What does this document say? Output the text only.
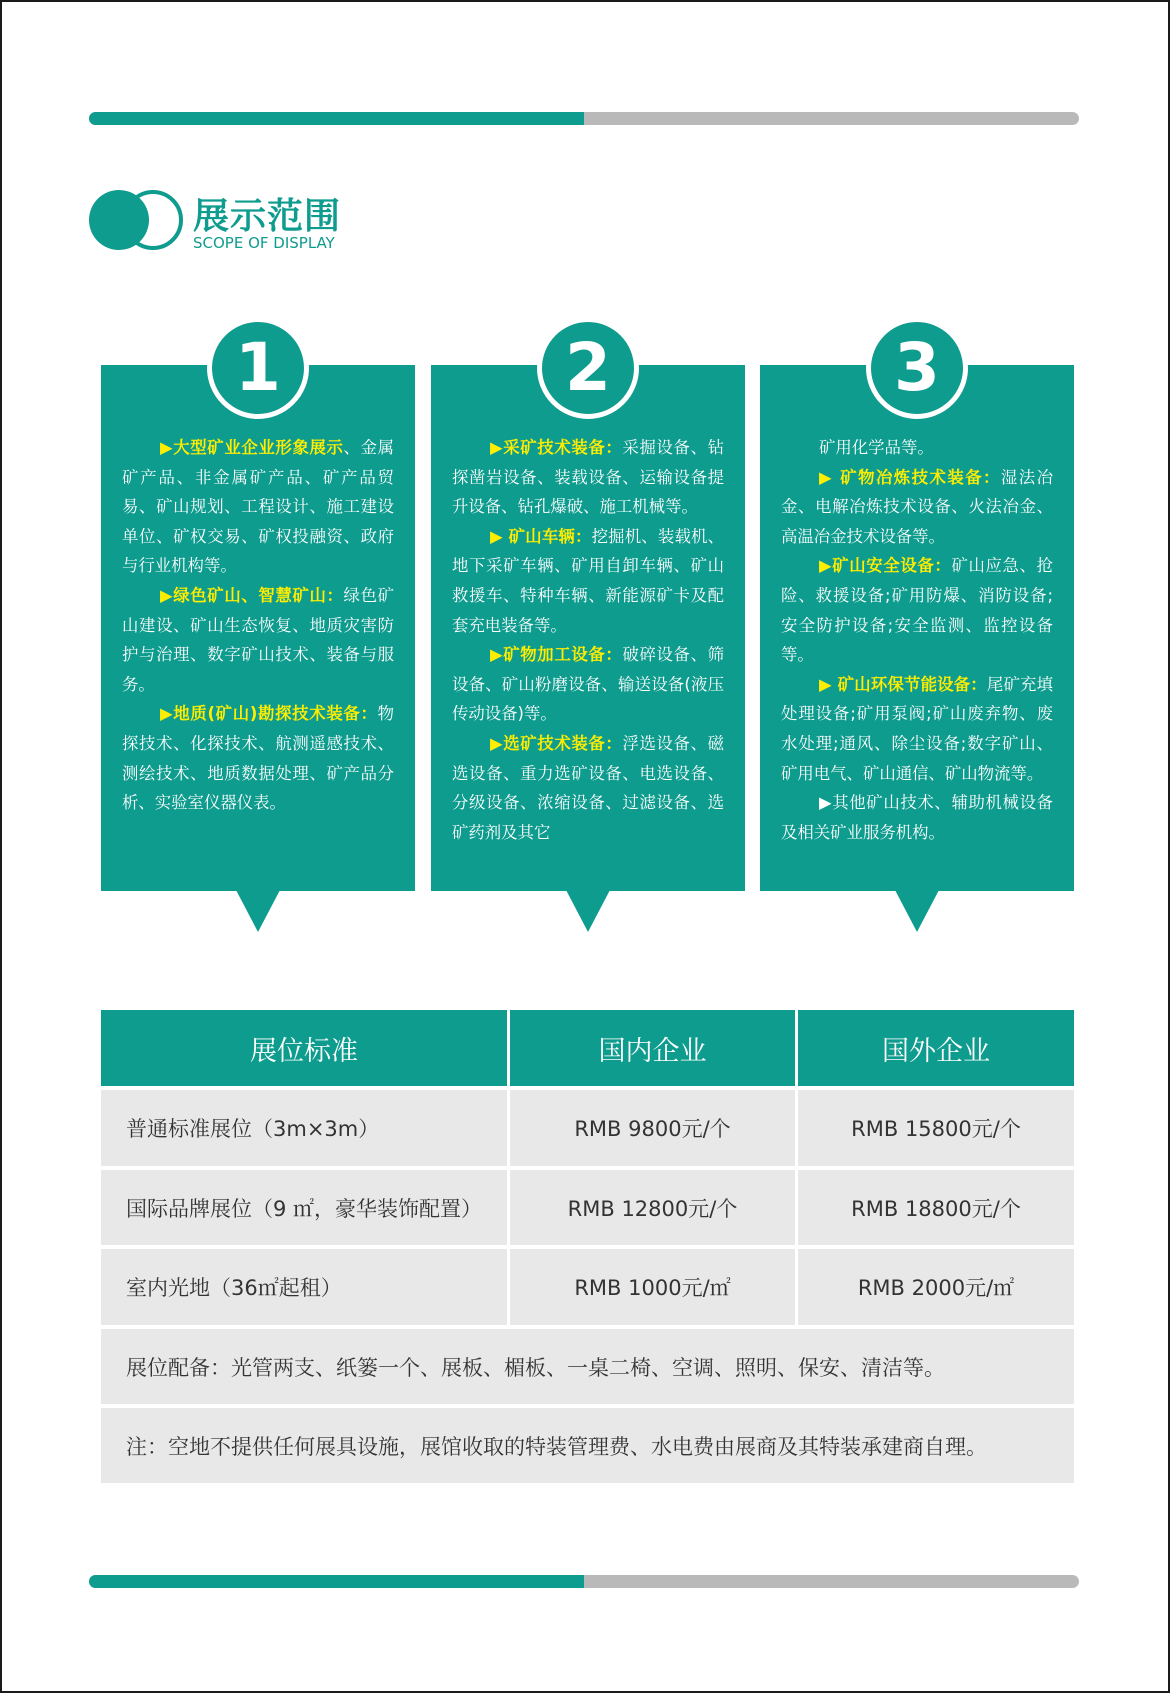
展示范围
SCOPE OF DISPLAY
1

▶大型矿业企业形象展示、金属矿产品、非金属矿产品、矿产品贸易、矿山规划、工程设计、施工建设单位、矿权交易、矿权投融资、政府与行业机构等。

▶绿色矿山、智慧矿山：绿色矿山建设、矿山生态恢复、地质灾害防护与治理、数字矿山技术、装备与服务。

▶地质(矿山)勘探技术装备：物探技术、化探技术、航测遥感技术、测绘技术、地质数据处理、矿产品分析、实验室仪器仪表。

2

▶采矿技术装备：采掘设备、钻探凿岩设备、装载设备、运输设备提升设备、钻孔爆破、施工机械等。

▶ 矿山车辆：挖掘机、装载机、地下采矿车辆、矿用自卸车辆、矿山救援车、特种车辆、新能源矿卡及配套充电装备等。

▶矿物加工设备：破碎设备、筛设备、矿山粉磨设备、输送设备(液压传动设备)等。

▶选矿技术装备：浮选设备、磁选设备、重力选矿设备、电选设备、分级设备、浓缩设备、过滤设备、选矿药剂及其它

3

矿用化学品等。

▶ 矿物冶炼技术装备：湿法冶金、电解冶炼技术设备、火法冶金、高温冶金技术设备等。

▶矿山安全设备：矿山应急、抢险、救援设备;矿用防爆、消防设备;安全防护设备;安全监测、监控设备等。

▶ 矿山环保节能设备：尾矿充填处理设备;矿用泵阀;矿山废弃物、废水处理;通风、除尘设备;数字矿山、矿用电气、矿山通信、矿山物流等。

▶其他矿山技术、辅助机械设备及相关矿业服务机构。

展位标准	国内企业	国外企业
普通标准展位（3m×3m）	RMB 9800元/个	RMB 15800元/个
国际品牌展位（9 ㎡，豪华装饰配置）	RMB 12800元/个	RMB 18800元/个
室内光地（36㎡起租）	RMB 1000元/㎡	RMB 2000元/㎡
展位配备：光管两支、纸篓一个、展板、楣板、一桌二椅、空调、照明、保安、清洁等。
注：空地不提供任何展具设施，展馆收取的特装管理费、水电费由展商及其特装承建商自理。
